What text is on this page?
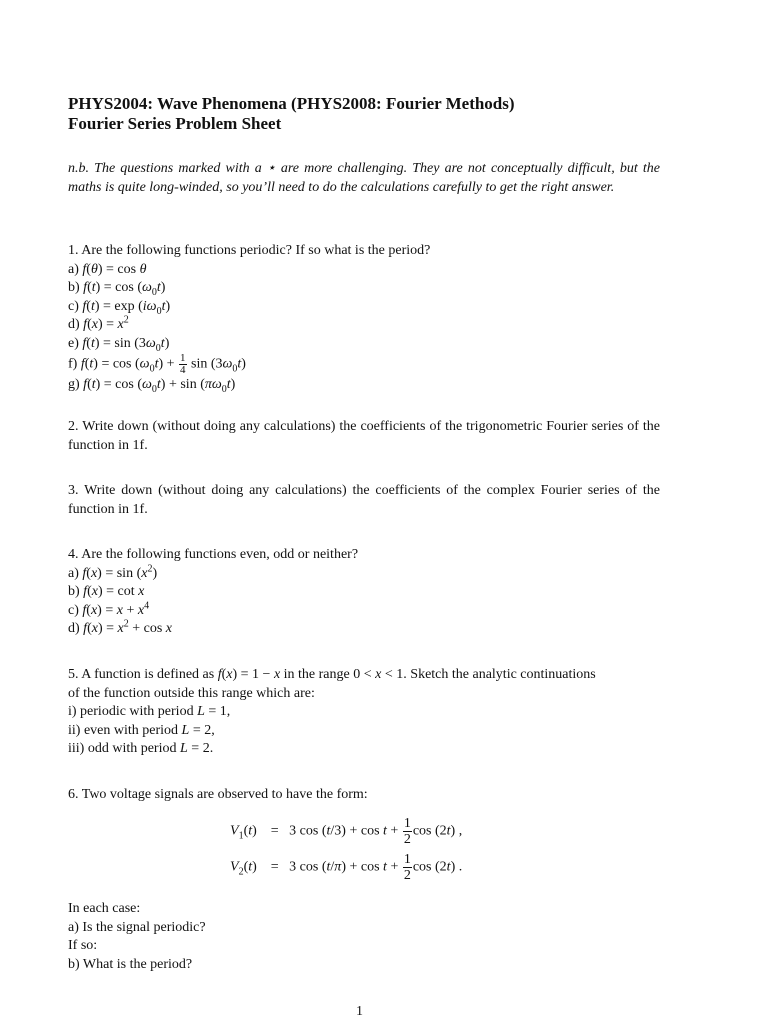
PHYS2004: Wave Phenomena (PHYS2008: Fourier Methods)
Fourier Series Problem Sheet
n.b. The questions marked with a ⋆ are more challenging. They are not conceptually difficult, but the maths is quite long-winded, so you’ll need to do the calculations carefully to get the right answer.
1. Are the following functions periodic? If so what is the period?
a) f(θ) = cos θ
b) $f(t) = \cos (\omega_0t)$
c) $f(t) = \exp (i\omega_0t)$
d) $f(x) = x^2$
e) $f(t) = \sin (3\omega_0t)$
f) $f(t) = \cos (\omega_0t) + \frac{1}{4}$ $\sin (3\omega_0t)$
g) $f(t) = \cos (\omega_0t) + \sin (\pi\omega_0t)$
2. Write down (without doing any calculations) the coefficients of the trigonometric Fourier series of the function in 1f.
3. Write down (without doing any calculations) the coefficients of the complex Fourier series of the function in 1f.
4. Are the following functions even, odd or neither?
a) $f(x) = \sin (x^2)$
b) f(x) = cot x
c) $f(x) = x + x^4$
d) $f(x) = x^2 + \cos x$
5. A function is defined as f(x) = 1 − x in the range 0 < x < 1. Sketch the analytic continuations
of the function outside this range which are:
i) periodic with period L = 1,
ii) even with period L = 2,
iii) odd with period L = 2.
6. Two voltage signals are observed to have the form:
$V_1(t)$    =   3 $\cos (t/3) + \cos t + \frac{1}{2}$ cos (2t) ,
$V_2(t)$    =   3 $\cos (t/\pi) + \cos t + \frac{1}{2}$ cos (2t) .
In each case:
a) Is the signal periodic?
If so:
b) What is the period?
1
